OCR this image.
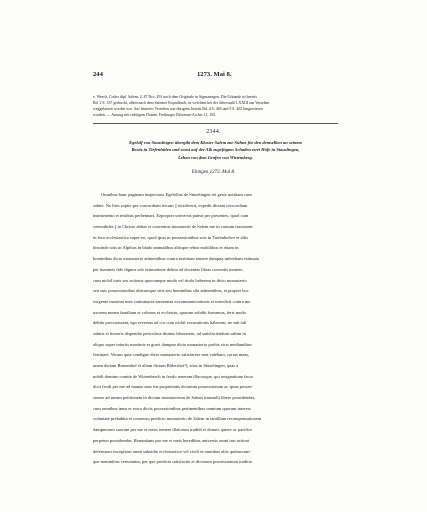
244	1273. Mai 8.
v. Weech, Codex dipl. Salem. 2, 87 Nro. 491 nach dem Originale in Sigmaringen. Die Urkunde ist bereits
Bd. 2 S. 337 gedruckt, allein nach dem Salemer Kopialbuch, in welchem bei der Jahreszahl LXXIII aus Versehen
weggelassen worden war. Auf letzteres Versehen war übrigens bereits Bd. 4 S. 463 und 5 S. 402 hingewiesen
worden. — Auszug mit richtigem Datum: Freiburger Diözesan-Archiv 11, 165.
2344.
Egelolf von Stauslingen übergibt dem Kloster Salem zur Sühne für den demselben an seinem
Besitz in Tiefenhülen und sonst auf der Alb zugefügten Schaden zwei Höfe in Stauslingen,
Lehen von dem Grafen von Wirtemberg.
Ehingen 1273. Mai 8.
Omnibus hanc paginam inspecturis Egelolfus de Stüzelingen rei geste notitiam cum
salute. Ne lites sopite per concordiam iterum || recidiverit, expedit dictam concordiam
instrumento et testibus perhennari. Ezpropter universis pateat per presentes, quod cum
venerabiles || in Christo abbas et conventus monasterii de Salem me in causam traxissent
in foro ecclesiastico super eo, quod ipsis in possessionibus suis in Tiufenhulwe et aliis
hincinde sitis in Alpibus in blado animalibus aliisque rebus mobilibus et etiam in
hominibus dicto monasterio attinentibus contra iustitiam temere dampna inferebam estimata
per homines fide dignos sub estimatione debita ad docentas libras currentis monete,
cum nichil iuris seu actionis quocumque modo vel titulo haberem in dicto monasterio
seu suis possessionibus ubicumque sitis seu hominibus sibi attinentibus, et propter hoc
exigente maxima mea contumacia sententias excommunicationis et interdicti contra me
uxorem meam familiam et colonos et ecclesias, quarum subditi fueramus, ferri modo
debito procurassent, ego reversus ad cor cum nichil excusationis haberem, ne sub tali
salutis et honoris dispendio periculose diutius laborarem, ad satisfaciendum saltim in
aliquo super iniuriis maximis et gravi dampno dicto monasterio probis viris mediantibus
festinavi. Verum quia condigne dicto monasterio satisfacere non valebam, curias meas,
unam dictam Brunenhof et aliam dictam Rûlershof¹), sitas in Stüzelingen, quas a
nobili domino comite de Wirtenberch in feodo teneram illucusque, qui resignatione facta
dicti feodi per me ad manus suas ius proprietatis dictarum possessionum ac ipsas posses-
siones ad meam petitionem in dictum monasterium de Salem transtulit libere possidendas,
cum omnibus intus et extra dictis possessionibus pertinentibus omnium quorum interest
voluntate prehabita et consensu predicto monasterio de Salem in tantillam recompensationem
dampnorum suorum per me et meos temere illatorum tradidi et donavi quiete ac pacifice
perpetuo possidendas. Renuntians pro me et meis heredibus universis omni iuri actioni
defensioni exceptioni omni subsidio ecclesiastico vel civili et omnibus aliis quibuscum-
que nominibus censeantur, per que predicta satisfactio et dictarum possessionum traditio
